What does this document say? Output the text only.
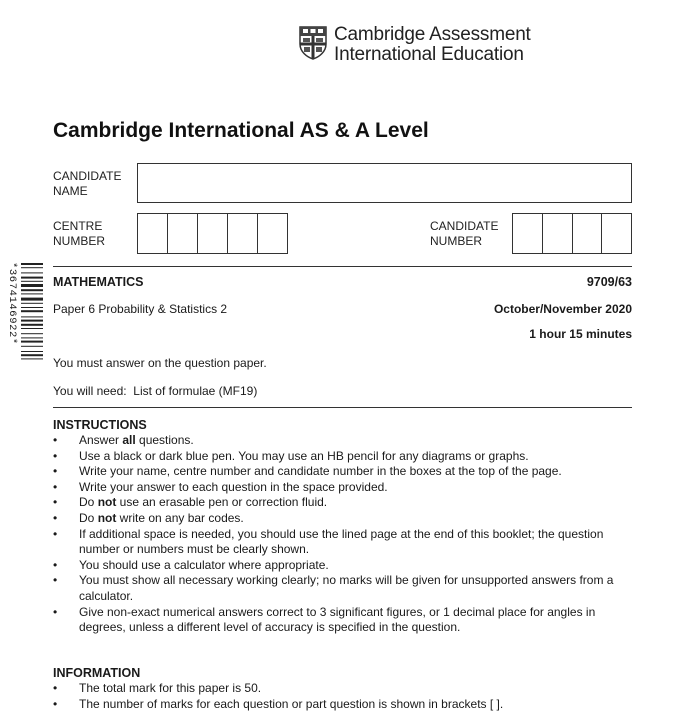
Cambridge Assessment
International Education
Cambridge International AS & A Level
CANDIDATE
NAME
CENTRE
NUMBER
CANDIDATE
NUMBER
*3674146922*	MATHEMATICS	9709/63
Paper 6 Probability & Statistics 2	October/November 2020
1 hour 15 minutes
You must answer on the question paper.
You will need: List of formulae (MF19)
INSTRUCTIONS
• Answer all questions.
• Use a black or dark blue pen. You may use an HB pencil for any diagrams or graphs.
• Write your name, centre number and candidate number in the boxes at the top of the page.
• Write your answer to each question in the space provided.
• Do not use an erasable pen or correction fluid.
• Do not write on any bar codes.
• If additional space is needed, you should use the lined page at the end of this booklet; the question number or numbers must be clearly shown.
• You should use a calculator where appropriate.
• You must show all necessary working clearly; no marks will be given for unsupported answers from a calculator.
• Give non-exact numerical answers correct to 3 significant figures, or 1 decimal place for angles in degrees, unless a different level of accuracy is specified in the question.
INFORMATION
• The total mark for this paper is 50.
• The number of marks for each question or part question is shown in brackets [ ].
